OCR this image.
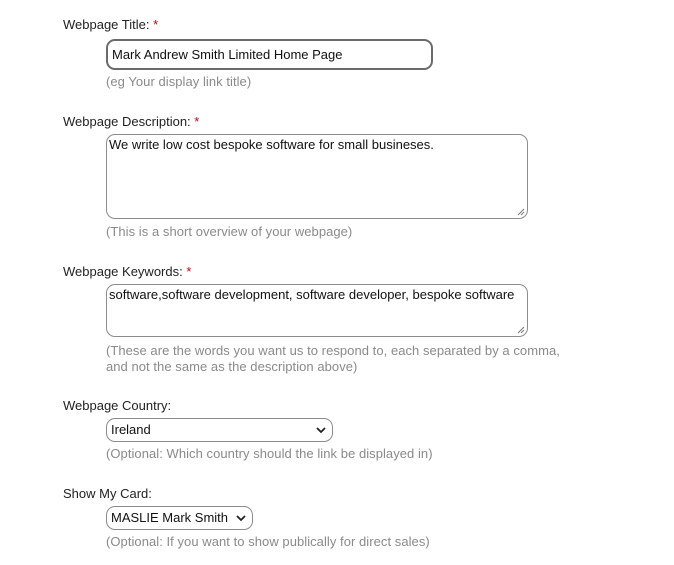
Webpage Title: *
Mark Andrew Smith Limited Home Page
(eg Your display link title)
Webpage Description: *
We write low cost bespoke software for small busineses.
(This is a short overview of your webpage)
Webpage Keywords: *
software,software development, software developer, bespoke software
(These are the words you want us to respond to, each separated by a comma,
and not the same as the description above)
Webpage Country:
Ireland
(Optional: Which country should the link be displayed in)
Show My Card:
MASLIE Mark Smith
(Optional: If you want to show publically for direct sales)
